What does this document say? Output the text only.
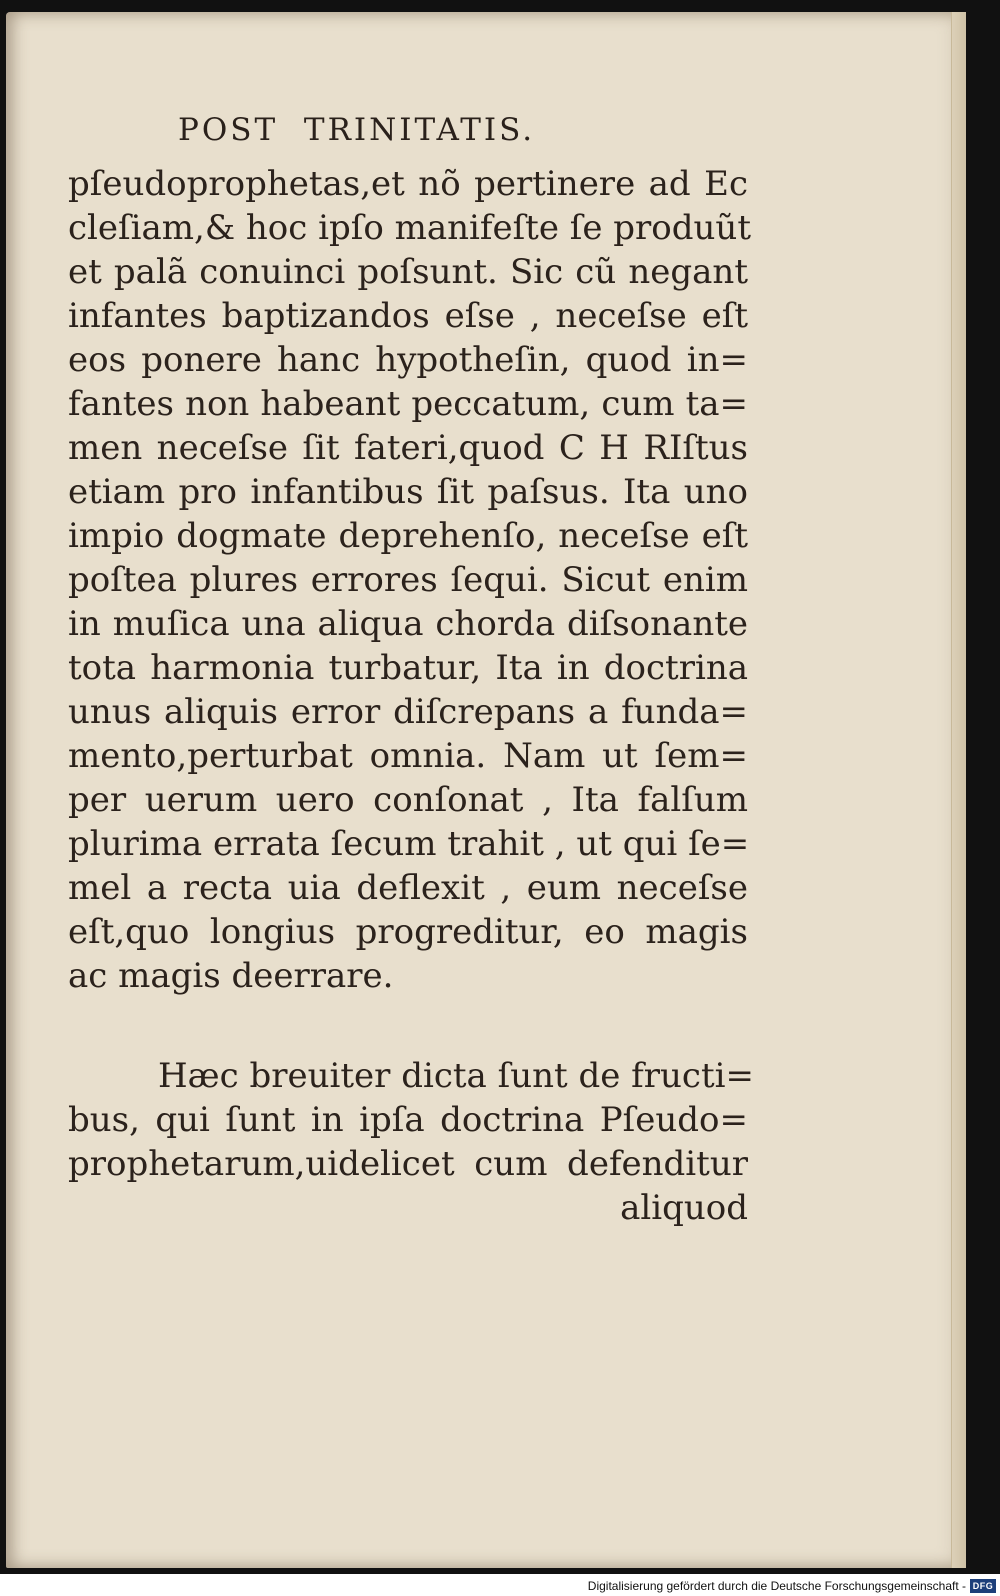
POST  TRINITATIS.
pſeudoprophetas,et nõ pertinere ad Ec
cleſiam,& hoc ipſo manifeſte ſe produũt
et palã conuinci poſsunt. Sic cũ negant
infantes baptizandos eſse , neceſse eſt
eos ponere hanc hypotheſin, quod in=
fantes non habeant peccatum, cum ta=
men neceſse ſit fateri,quod C H RIſtus
etiam pro infantibus ſit paſsus. Ita uno
impio dogmate deprehenſo, neceſse eſt
poſtea plures errores ſequi. Sicut enim
in muſica una aliqua chorda diſsonante
tota harmonia turbatur, Ita in doctrina
unus aliquis error diſcrepans a funda=
mento,perturbat omnia. Nam ut ſem=
per uerum uero conſonat , Ita falſum
plurima errata ſecum trahit , ut qui ſe=
mel a recta uia deflexit , eum neceſse
eſt,quo longius progreditur, eo magis
ac magis deerrare.
Hæc breuiter dicta ſunt de fructi=
bus, qui ſunt in ipſa doctrina Pſeudo=
prophetarum,uidelicet cum defenditur
aliquod
Digitalisierung gefördert durch die Deutsche Forschungsgemeinschaft - DFG
